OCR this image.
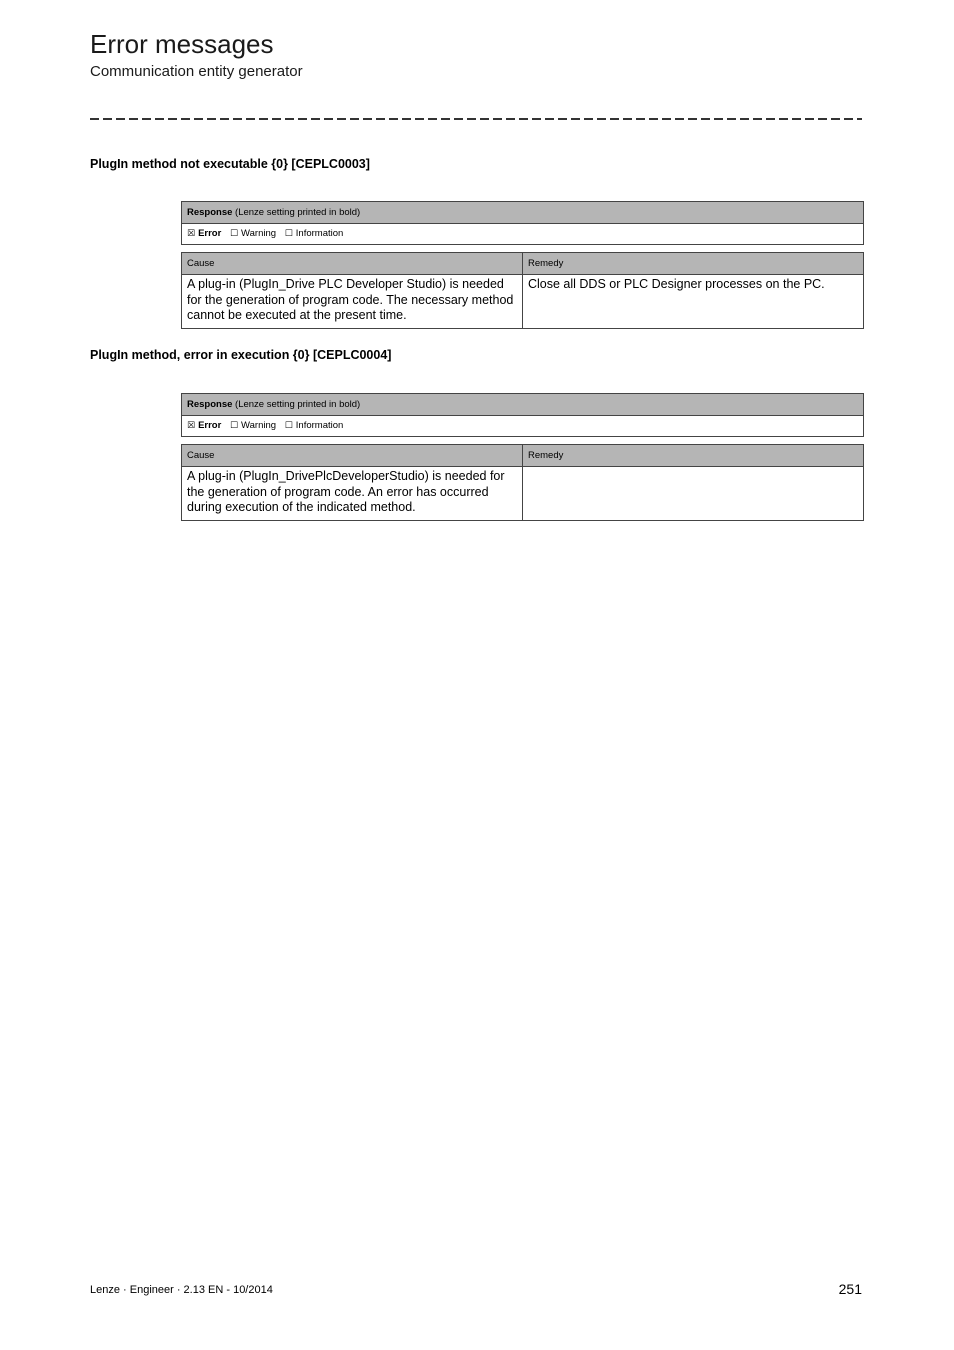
Error messages
Communication entity generator
PlugIn method not executable {0} [CEPLC0003]
Response (Lenze setting printed in bold)
☒ Error ☐ Warning ☐ Information
Cause	Remedy
A plug-in (PlugIn_Drive PLC Developer Studio) is needed for the generation of program code. The necessary method cannot be executed at the present time.	Close all DDS or PLC Designer processes on the PC.
PlugIn method, error in execution {0} [CEPLC0004]
Response (Lenze setting printed in bold)
☒ Error ☐ Warning ☐ Information
Cause	Remedy
A plug-in (PlugIn_DrivePlcDeveloperStudio) is needed for the generation of program code. An error has occurred during execution of the indicated method.	
Lenze · Engineer · 2.13 EN - 10/2014	251
